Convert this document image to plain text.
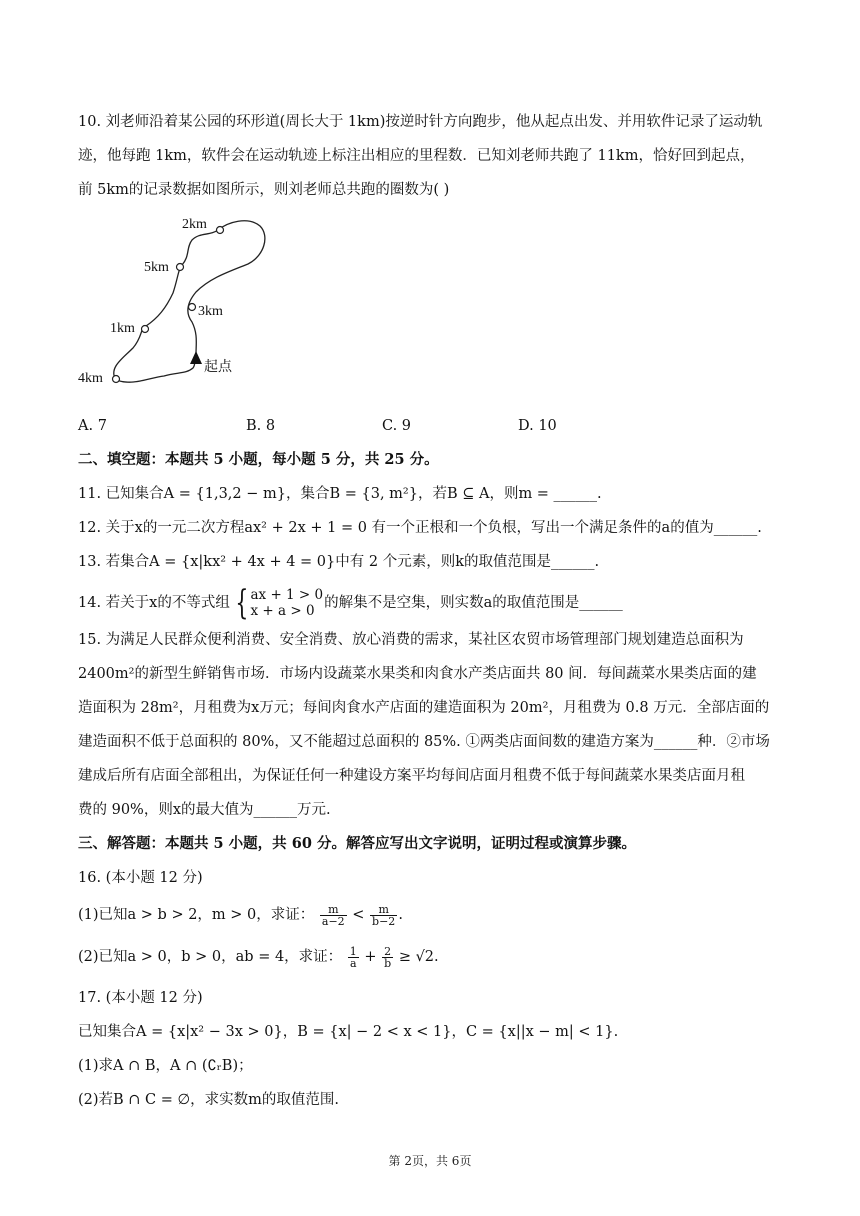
10. 刘老师沿着某公园的环形道(周长大于 1km)按逆时针方向跑步，他从起点出发、并用软件记录了运动轨
迹，他每跑 1km，软件会在运动轨迹上标注出相应的里程数．已知刘老师共跑了 11km，恰好回到起点，
前 5km的记录数据如图所示，则刘老师总共跑的圈数为( )
2km
5km
3km
1km
4km
起点
A. 7	B. 8	C. 9	D. 10
二、填空题：本题共 5 小题，每小题 5 分，共 25 分。
11. 已知集合A = {1,3,2 − m}，集合B = {3, m²}，若B ⊆ A，则m = ______.
12. 关于x的一元二次方程ax² + 2x + 1 = 0 有一个正根和一个负根，写出一个满足条件的a的值为______.
13. 若集合A = {x|kx² + 4x + 4 = 0}中有 2 个元素，则k的取值范围是______.
14. 若关于x的不等式组 { ax + 1 > 0
x + a > 0 的解集不是空集，则实数a的取值范围是______
15. 为满足人民群众便利消费、安全消费、放心消费的需求，某社区农贸市场管理部门规划建造总面积为
2400m²的新型生鲜销售市场．市场内设蔬菜水果类和肉食水产类店面共 80 间．每间蔬菜水果类店面的建
造面积为 28m²，月租费为x万元；每间肉食水产店面的建造面积为 20m²，月租费为 0.8 万元．全部店面的
建造面积不低于总面积的 80%，又不能超过总面积的 85%. ①两类店面间数的建造方案为______种．②市场
建成后所有店面全部租出，为保证任何一种建设方案平均每间店面月租费不低于每间蔬菜水果类店面月租
费的 90%，则x的最大值为______万元.
三、解答题：本题共 5 小题，共 60 分。解答应写出文字说明，证明过程或演算步骤。
16. (本小题 12 分)
(1)已知a > b > 2，m > 0，求证： $\frac{m}{a-2} < \frac{m}{b-2}$ .
(2)已知a > 0，b > 0，ab = 4，求证： $\frac{1}{a} + \frac{2}{b} \ge √2$.
17. (本小题 12 分)
已知集合A = {x|x² − 3x > 0}，B = {x| − 2 < x < 1}，C = {x||x − m| < 1}.
(1)求A ∩ B，A ∩ (∁ᵣB)；
(2)若B ∩ C = ∅，求实数m的取值范围.
第 2页，共 6页
